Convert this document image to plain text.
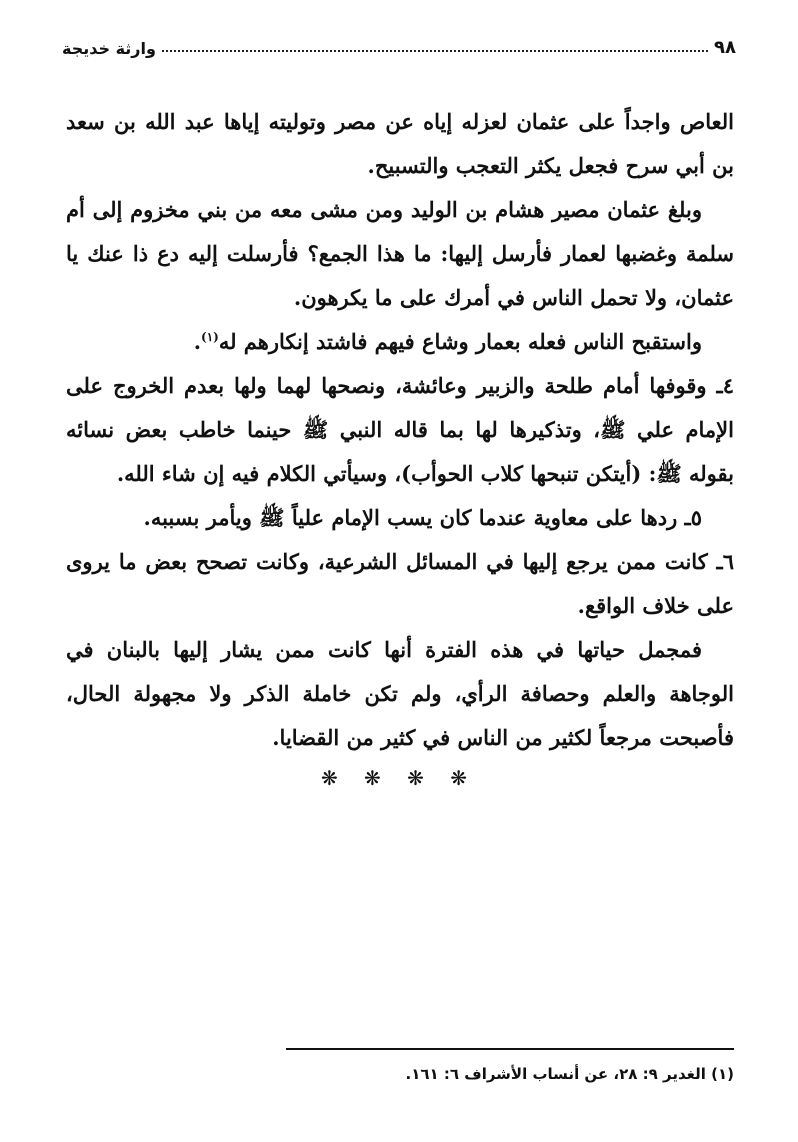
٩٨
وارثة خديجة

العاص واجداً على عثمان لعزله إياه عن مصر وتوليته إياها عبد الله بن سعد بن أبي سرح فجعل يكثر التعجب والتسبيح.

وبلغ عثمان مصير هشام بن الوليد ومن مشى معه من بني مخزوم إلى أم سلمة وغضبها لعمار فأرسل إليها: ما هذا الجمع؟ فأرسلت إليه دع ذا عنك يا عثمان، ولا تحمل الناس في أمرك على ما يكرهون.

واستقبح الناس فعله بعمار وشاع فيهم فاشتد إنكارهم له$^{(١)}$.

٤ـ وقوفها أمام طلحة والزبير وعائشة، ونصحها لهما ولها بعدم الخروج على الإمام علي ﷺ، وتذكيرها لها بما قاله النبي ﷺ حينما خاطب بعض نسائه بقوله ﷺ: (أيتكن تنبحها كلاب الحوأب)، وسيأتي الكلام فيه إن شاء الله.

٥ـ ردها على معاوية عندما كان يسب الإمام علياً ﷺ ويأمر بسببه.

٦ـ كانت ممن يرجع إليها في المسائل الشرعية، وكانت تصحح بعض ما يروى على خلاف الواقع.

فمجمل حياتها في هذه الفترة أنها كانت ممن يشار إليها بالبنان في الوجاهة والعلم وحصافة الرأي، ولم تكن خاملة الذكر ولا مجهولة الحال، فأصبحت مرجعاً لكثير من الناس في كثير من القضايا.

❋ ❋ ❋ ❋
(١) الغدير ٩: ٢٨، عن أنساب الأشراف ٦: ١٦١.
